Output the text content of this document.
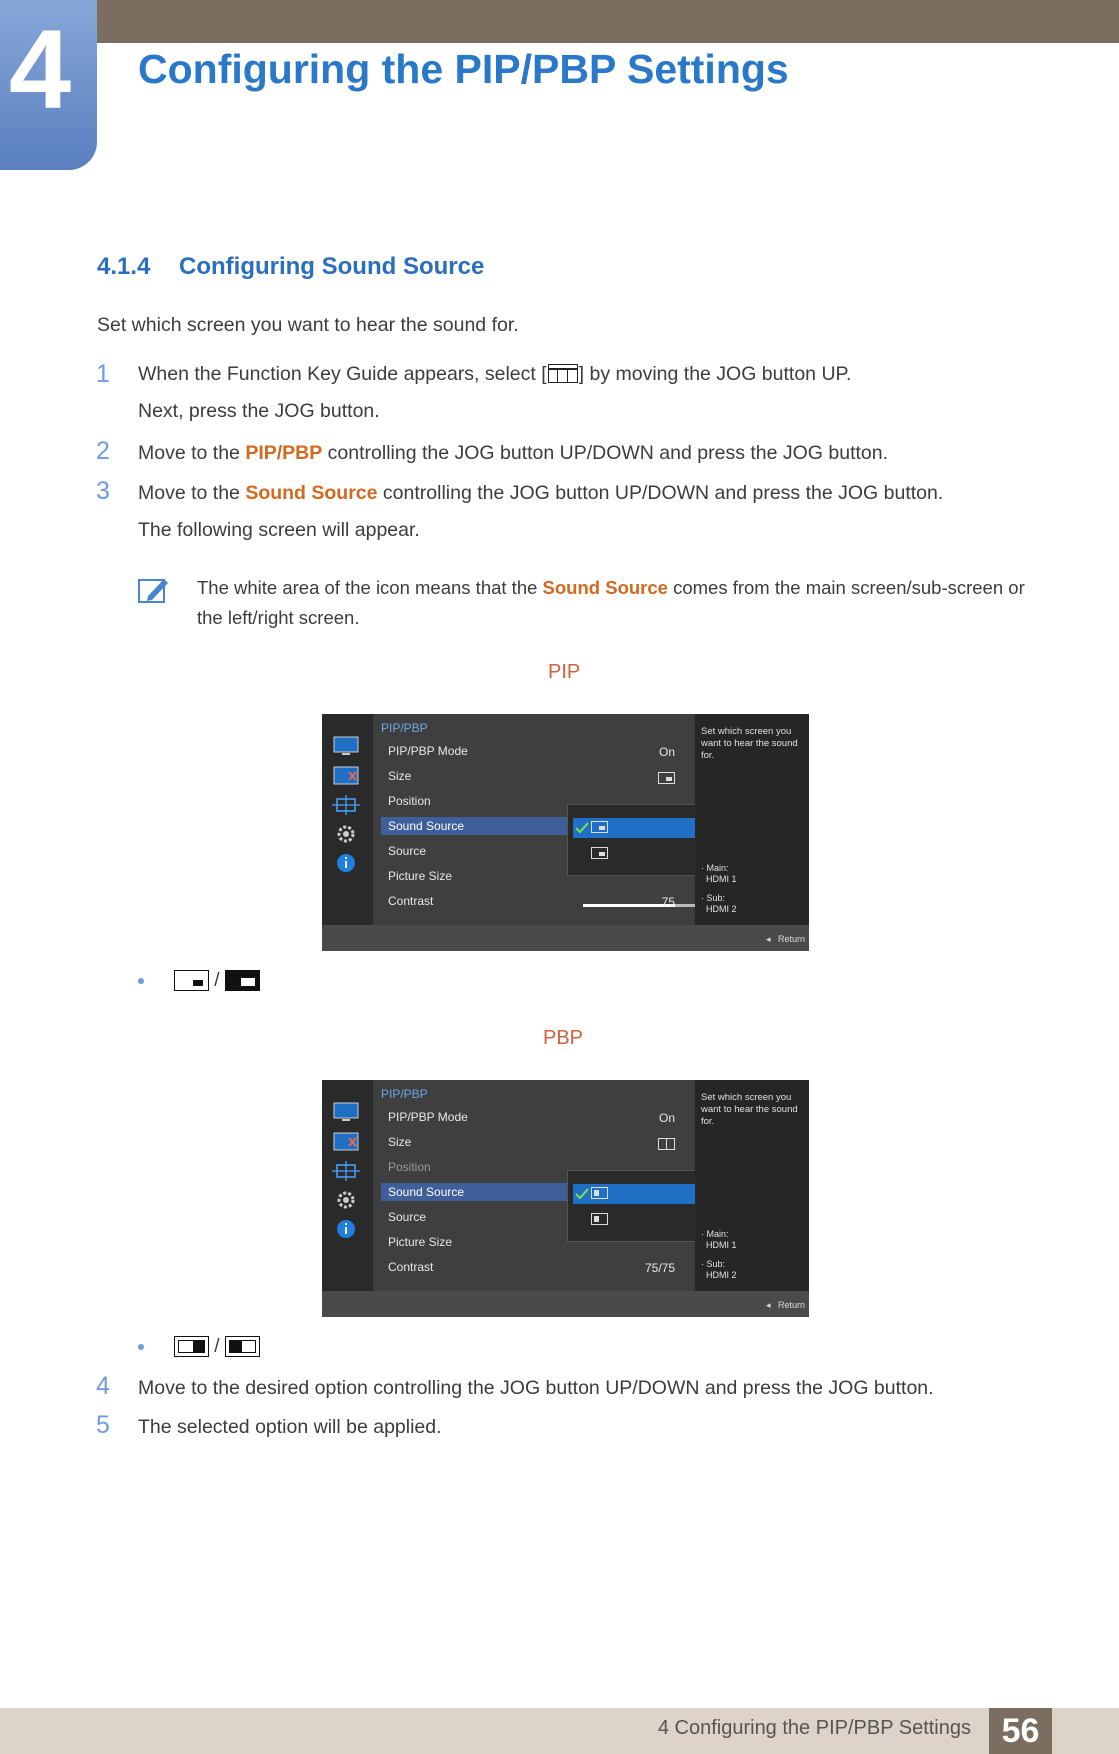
4 Configuring the PIP/PBP Settings
4.1.4 Configuring Sound Source
Set which screen you want to hear the sound for.
1 When the Function Key Guide appears, select [ ] by moving the JOG button UP.
Next, press the JOG button.
2 Move to the PIP/PBP controlling the JOG button UP/DOWN and press the JOG button.
3 Move to the Sound Source controlling the JOG button UP/DOWN and press the JOG button.
The following screen will appear.
The white area of the icon means that the Sound Source comes from the main screen/sub-screen or the left/right screen.
PIP
PIP/PBP
PIP/PBP Mode	On
Size
Position
Sound Source
Source
Picture Size
Contrast	75
Set which screen you want to hear the sound for.
· Main:
HDMI 1
· Sub:
HDMI 2
◂   Return
/
PBP
PIP/PBP
PIP/PBP Mode	On
Size
Position
Sound Source
Source
Picture Size
Contrast	75/75
Set which screen you want to hear the sound for.
· Main:
HDMI 1
· Sub:
HDMI 2
◂   Return
/
4 Move to the desired option controlling the JOG button UP/DOWN and press the JOG button.
5 The selected option will be applied.
4 Configuring the PIP/PBP Settings 56
